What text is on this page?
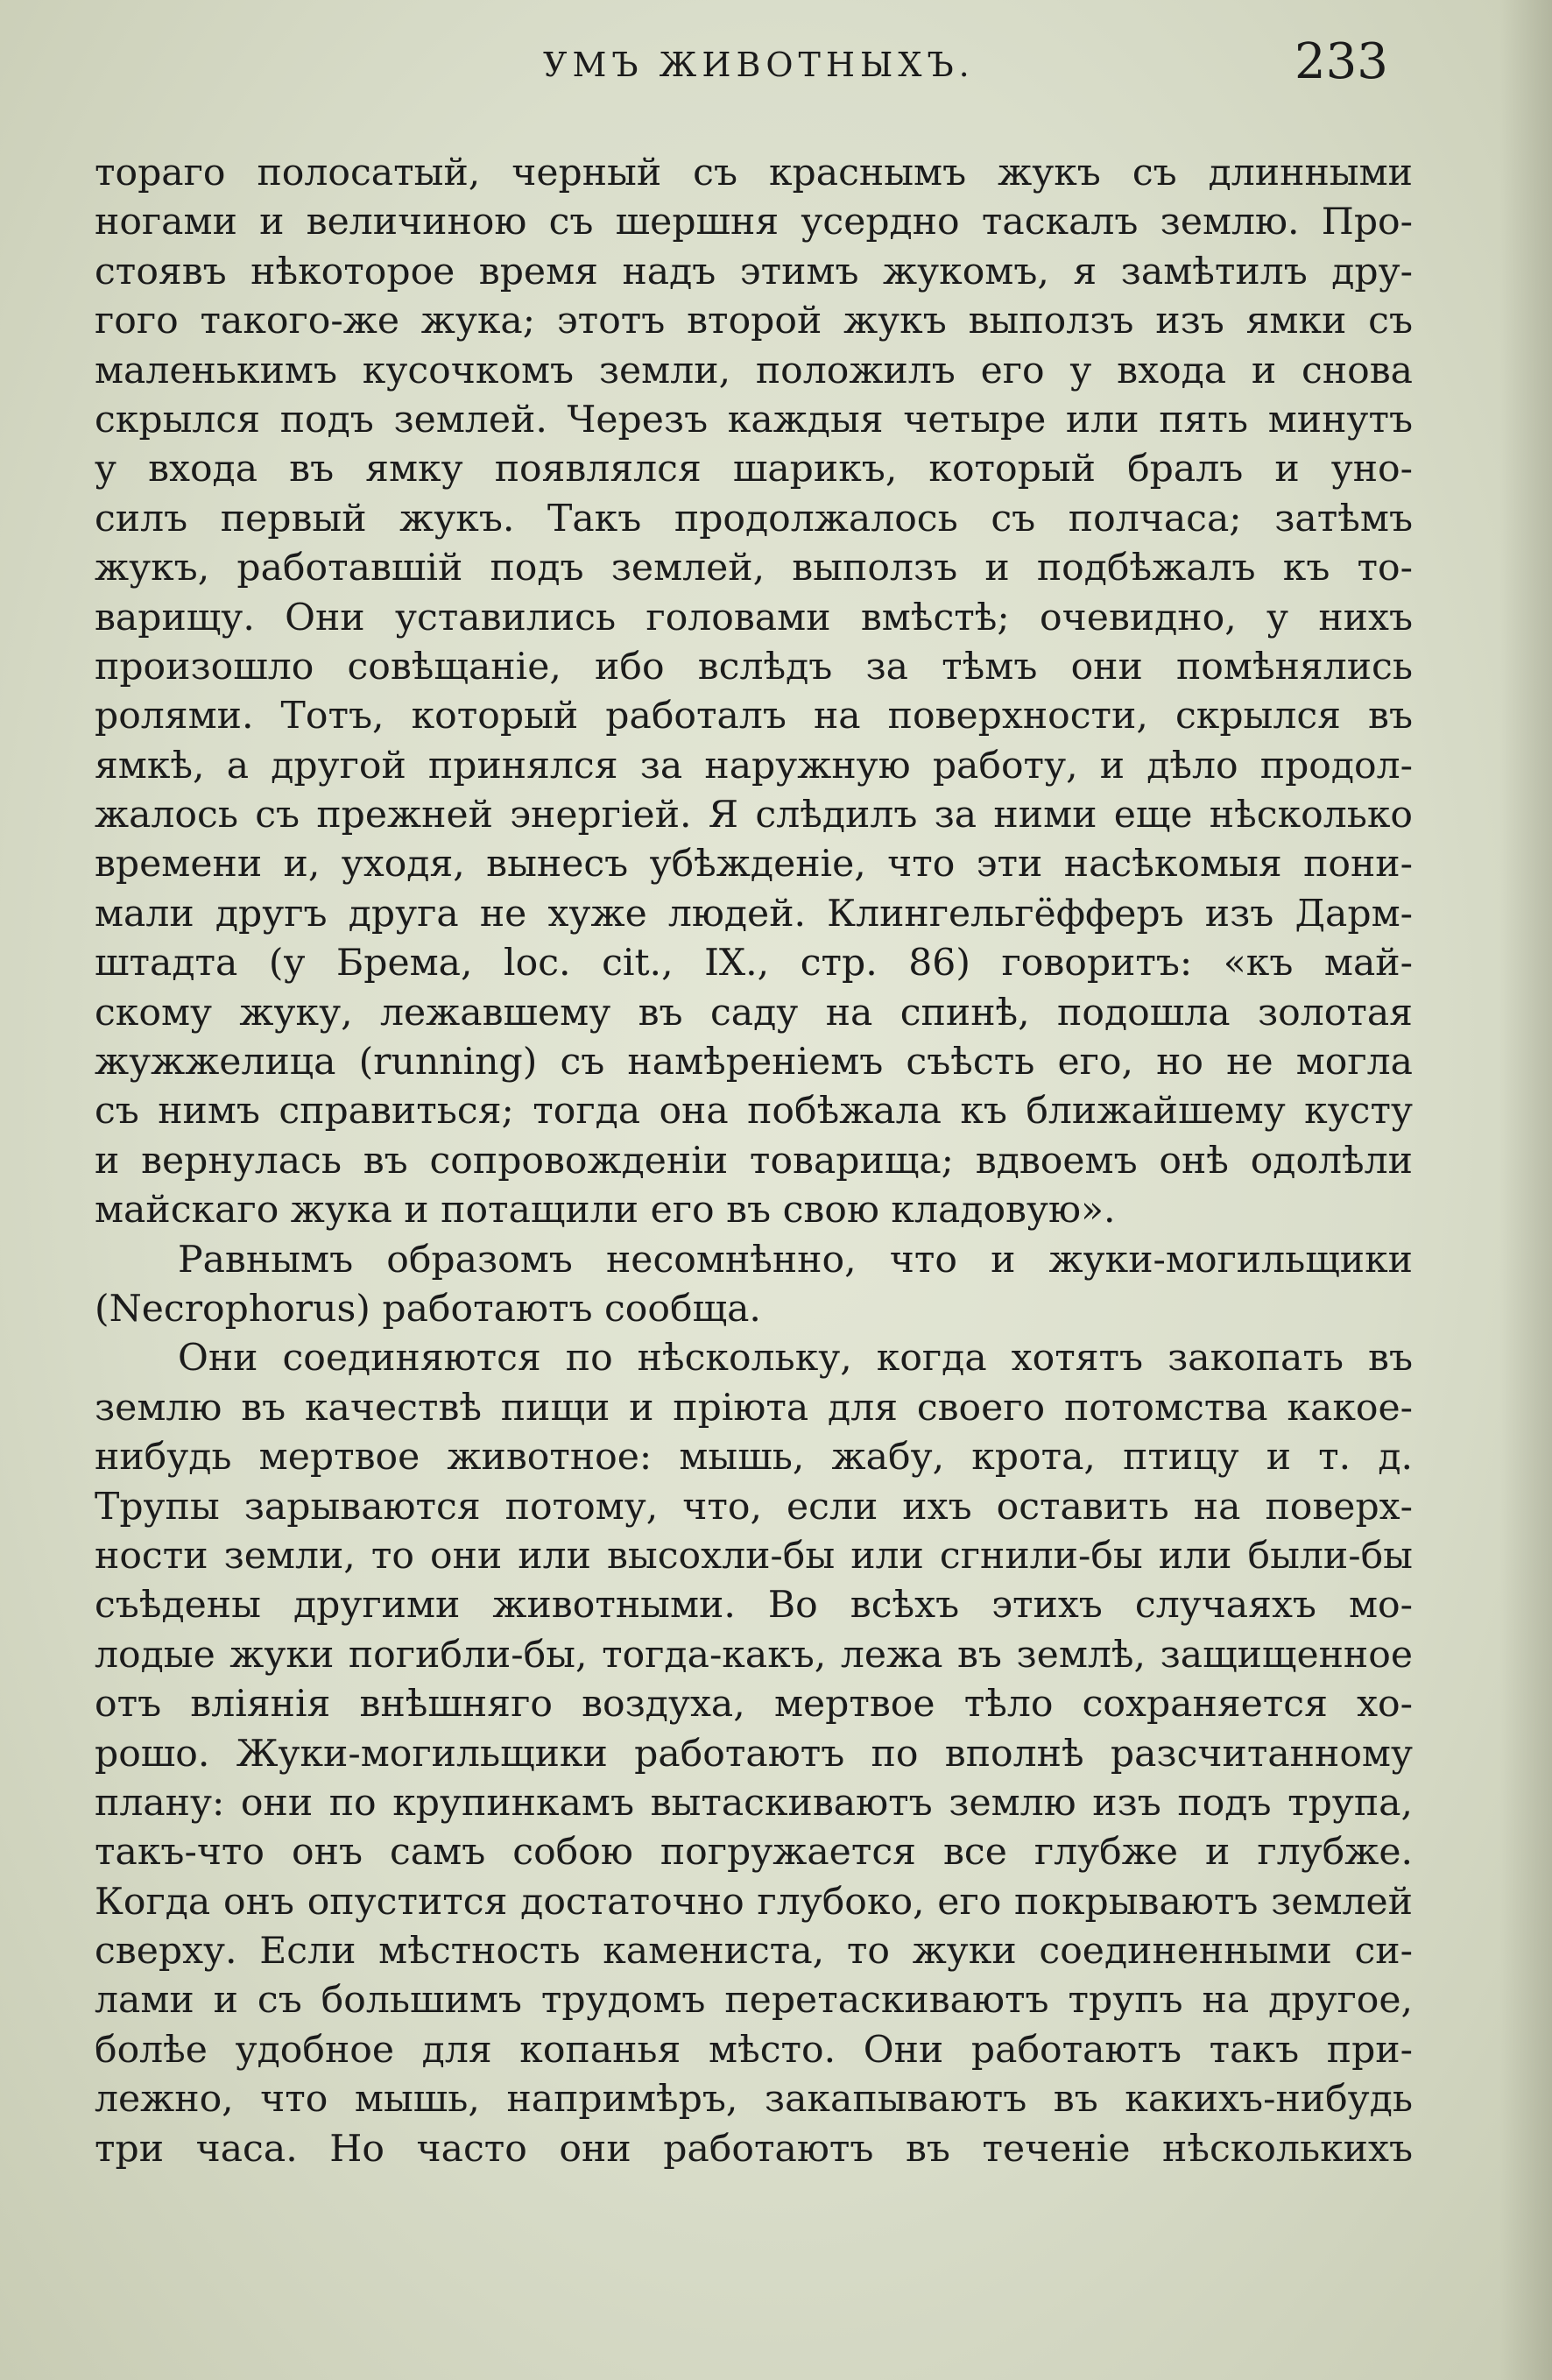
УМЪ ЖИВОТНЫХЪ.	233
тораго полосатый, черный съ краснымъ жукъ съ длинными
ногами и величиною съ шершня усердно таскалъ землю. Про-
стоявъ нѣкоторое время надъ этимъ жукомъ, я замѣтилъ дру-
гого такого-же жука; этотъ второй жукъ выползъ изъ ямки съ
маленькимъ кусочкомъ земли, положилъ его у входа и снова
скрылся подъ землей. Черезъ каждыя четыре или пять минутъ
у входа въ ямку появлялся шарикъ, который бралъ и уно-
силъ первый жукъ. Такъ продолжалось съ полчаса; затѣмъ
жукъ, работавшій подъ землей, выползъ и подбѣжалъ къ то-
варищу. Они уставились головами вмѣстѣ; очевидно, у нихъ
произошло совѣщаніе, ибо вслѣдъ за тѣмъ они помѣнялись
ролями. Тотъ, который работалъ на поверхности, скрылся въ
ямкѣ, а другой принялся за наружную работу, и дѣло продол-
жалось съ прежней энергіей. Я слѣдилъ за ними еще нѣсколько
времени и, уходя, вынесъ убѣжденіе, что эти насѣкомыя пони-
мали другъ друга не хуже людей. Клингельгёфферъ изъ Дарм-
штадта (у Брема, loc. cit., IX., стр. 86) говоритъ: «къ май-
скому жуку, лежавшему въ саду на спинѣ, подошла золотая
жужжелица (running) съ намѣреніемъ съѣсть его, но не могла
съ нимъ справиться; тогда она побѣжала къ ближайшему кусту
и вернулась въ сопровожденіи товарища; вдвоемъ онѣ одолѣли
майскаго жука и потащили его въ свою кладовую».
Равнымъ образомъ несомнѣнно, что и жуки-могильщики
(Necrophorus) работаютъ сообща.
Они соединяются по нѣскольку, когда хотятъ закопать въ
землю въ качествѣ пищи и пріюта для своего потомства какое-
нибудь мертвое животное: мышь, жабу, крота, птицу и т. д.
Трупы зарываются потому, что, если ихъ оставить на поверх-
ности земли, то они или высохли-бы или сгнили-бы или были-бы
съѣдены другими животными. Во всѣхъ этихъ случаяхъ мо-
лодые жуки погибли-бы, тогда-какъ, лежа въ землѣ, защищенное
отъ вліянія внѣшняго воздуха, мертвое тѣло сохраняется хо-
рошо. Жуки-могильщики работаютъ по вполнѣ разсчитанному
плану: они по крупинкамъ вытаскиваютъ землю изъ подъ трупа,
такъ-что онъ самъ собою погружается все глубже и глубже.
Когда онъ опустится достаточно глубоко, его покрываютъ землей
сверху. Если мѣстность камениста, то жуки соединенными си-
лами и съ большимъ трудомъ перетаскиваютъ трупъ на другое,
болѣе удобное для копанья мѣсто. Они работаютъ такъ при-
лежно, что мышь, напримѣръ, закапываютъ въ какихъ-нибудь
три часа. Но часто они работаютъ въ теченіе нѣсколькихъ
